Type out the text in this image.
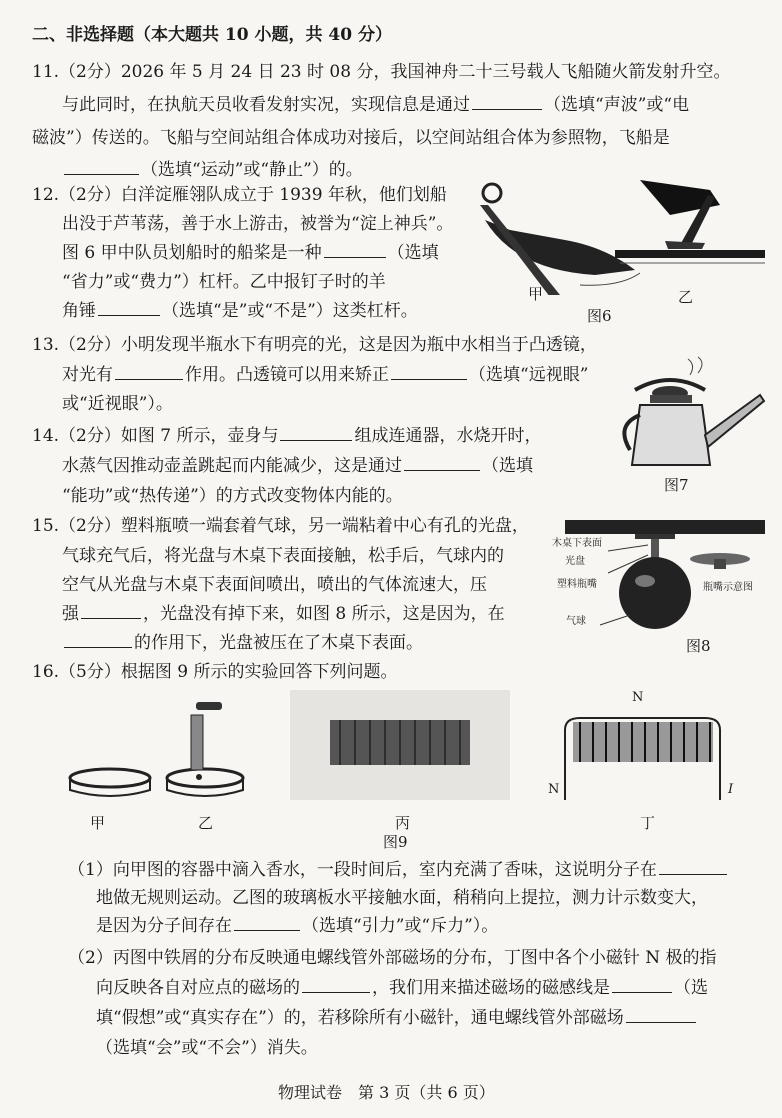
二、非选择题（本大题共 10 小题，共 40 分）
11.（2分）2026 年 5 月 24 日 23 时 08 分，我国神舟二十三号载人飞船随火箭发射升空。
与此同时，在执航天员收看发射实况，实现信息是通过	（选填“声波”或“电
磁波”）传送的。飞船与空间站组合体成功对接后，以空间站组合体为参照物，飞船是
（选填“运动”或“静止”）的。
12.（2分）白洋淀雁翎队成立于 1939 年秋，他们划船
出没于芦苇荡，善于水上游击，被誉为“淀上神兵”。
图 6 甲中队员划船时的船桨是一种	（选填
“省力”或“费力”）杠杆。乙中报钉子时的羊
角锤	（选填“是”或“不是”）这类杠杆。
甲
图6
乙
13.（2分）小明发现半瓶水下有明亮的光，这是因为瓶中水相当于凸透镜，
对光有	作用。凸透镜可以用来矫正	（选填“远视眼”
或“近视眼”）。
14.（2分）如图 7 所示，壶身与	组成连通器，水烧开时，
水蒸气因推动壶盖跳起而内能减少，这是通过	（选填
“能功”或“热传递”）的方式改变物体内能的。
图7
15.（2分）塑料瓶喷一端套着气球，另一端粘着中心有孔的光盘，
气球充气后，将光盘与木桌下表面接触，松手后，气球内的
空气从光盘与木桌下表面间喷出，喷出的气体流速大，压
强	，光盘没有掉下来，如图 8 所示，这是因为，在
的作用下，光盘被压在了木桌下表面。
木桌下表面
光盘
塑料瓶嘴
气球
瓶嘴示意图
图8
16.（5分）根据图 9 所示的实验回答下列问题。
甲	乙	丙	丁
图9
N
N	I
（1）向甲图的容器中滴入香水，一段时间后，室内充满了香味，这说明分子在
地做无规则运动。乙图的玻璃板水平接触水面，稍稍向上提拉，测力计示数变大，
是因为分子间存在	（选填“引力”或“斥力”）。
（2）丙图中铁屑的分布反映通电螺线管外部磁场的分布，丁图中各个小磁针 N 极的指
向反映各自对应点的磁场的	，我们用来描述磁场的磁感线是	（选
填“假想”或“真实存在”）的，若移除所有小磁针，通电螺线管外部磁场
（选填“会”或“不会”）消失。
物理试卷　第 3 页（共 6 页）
